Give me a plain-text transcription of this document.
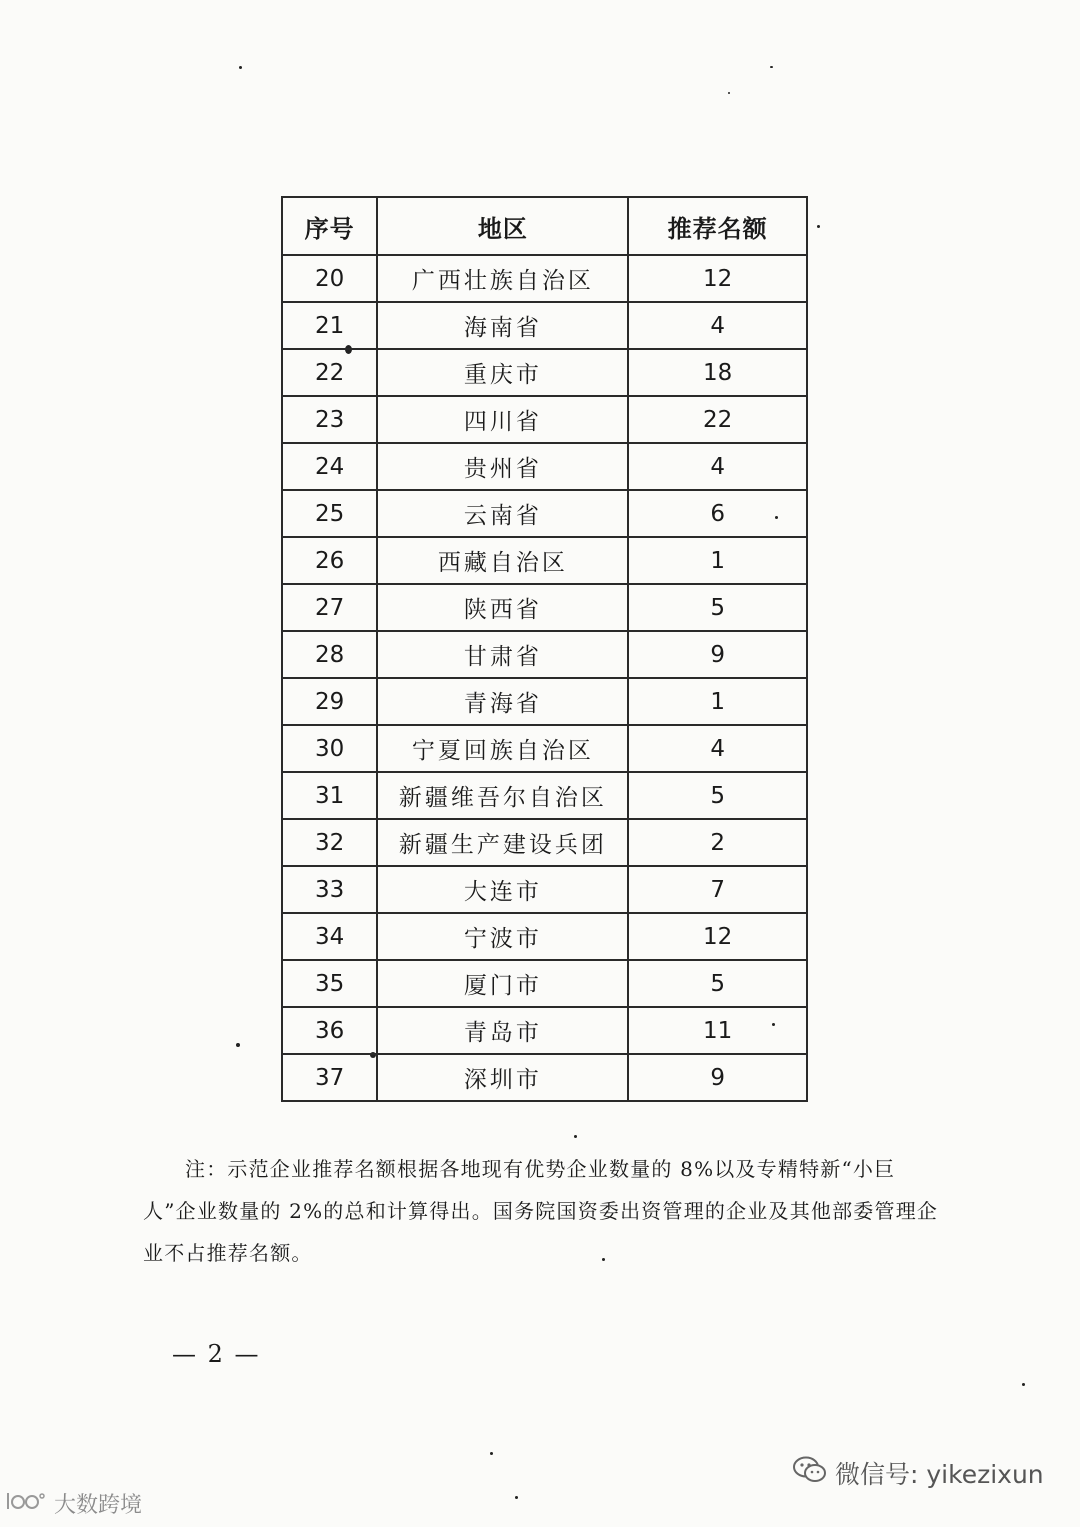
序号	地区	推荐名额
20	广西壮族自治区	12
21	海南省	4
22	重庆市	18
23	四川省	22
24	贵州省	4
25	云南省	6
26	西藏自治区	1
27	陕西省	5
28	甘肃省	9
29	青海省	1
30	宁夏回族自治区	4
31	新疆维吾尔自治区	5
32	新疆生产建设兵团	2
33	大连市	7
34	宁波市	12
35	厦门市	5
36	青岛市	11
37	深圳市	9

注：示范企业推荐名额根据各地现有优势企业数量的 8%以及专精特新“小巨人”企业数量的 2%的总和计算得出。国务院国资委出资管理的企业及其他部委管理企业不占推荐名额。

— 2 —
微信号: yikezixun
大数跨境
